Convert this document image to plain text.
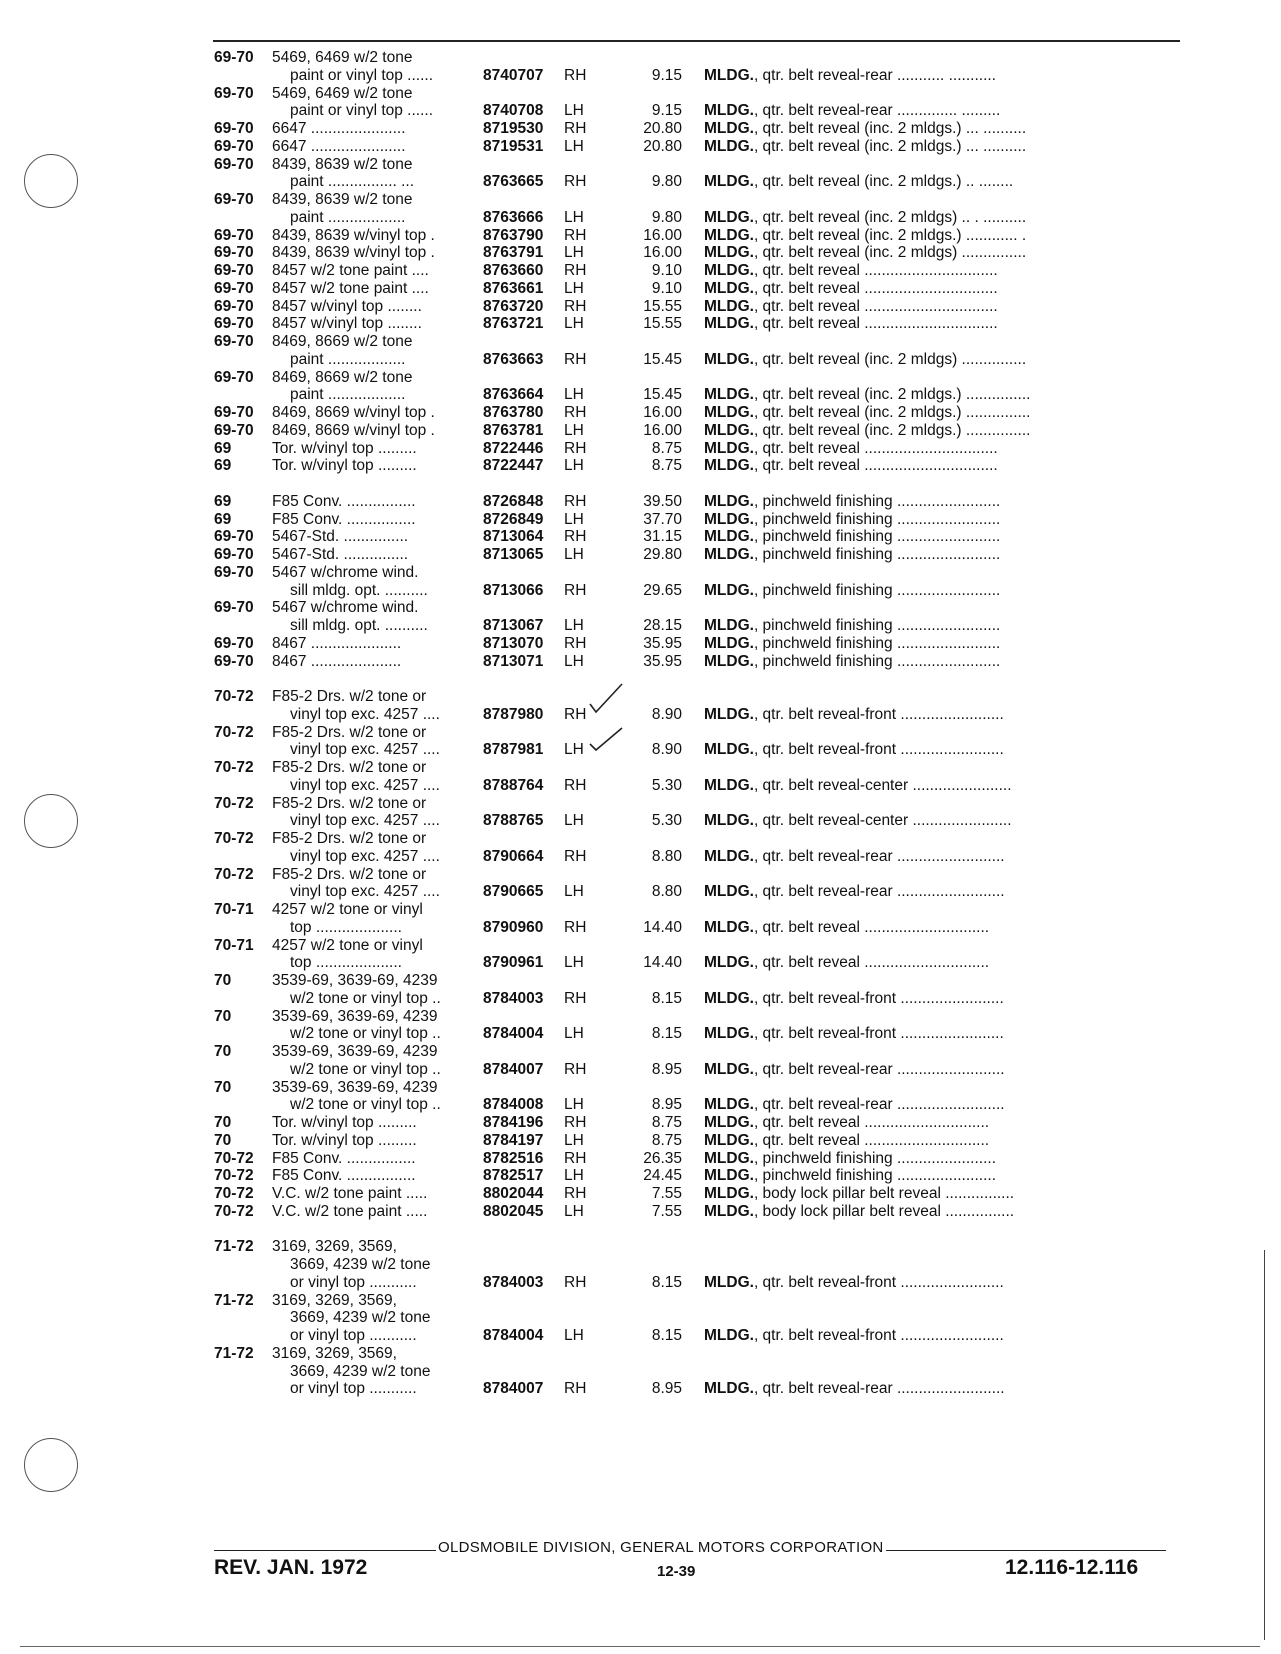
69-70 5469, 6469 w/2 tone
paint or vinyl top ......	8740707 RH	9.15 MLDG., qtr. belt reveal-rear ........... ...........
69-70 5469, 6469 w/2 tone
paint or vinyl top ......	8740708 LH	9.15 MLDG., qtr. belt reveal-rear .............. .........
69-70 6647 ......................	8719530 RH	20.80 MLDG., qtr. belt reveal (inc. 2 mldgs.) ... ..........
69-70 6647 ......................	8719531 LH	20.80 MLDG., qtr. belt reveal (inc. 2 mldgs.) ... ..........
69-70 8439, 8639 w/2 tone
paint ................ ...	8763665 RH	9.80 MLDG., qtr. belt reveal (inc. 2 mldgs.) .. ........
69-70 8439, 8639 w/2 tone
paint ..................	8763666 LH	9.80 MLDG., qtr. belt reveal (inc. 2 mldgs) .. . ..........
69-70 8439, 8639 w/vinyl top .	8763790 RH	16.00 MLDG., qtr. belt reveal (inc. 2 mldgs.) ............ .
69-70 8439, 8639 w/vinyl top .	8763791 LH	16.00 MLDG., qtr. belt reveal (inc. 2 mldgs) ...............
69-70 8457 w/2 tone paint ....	8763660 RH	9.10 MLDG., qtr. belt reveal ...............................
69-70 8457 w/2 tone paint ....	8763661 LH	9.10 MLDG., qtr. belt reveal ...............................
69-70 8457 w/vinyl top ........	8763720 RH	15.55 MLDG., qtr. belt reveal ...............................
69-70 8457 w/vinyl top ........	8763721 LH	15.55 MLDG., qtr. belt reveal ...............................
69-70 8469, 8669 w/2 tone
paint ..................	8763663 RH	15.45 MLDG., qtr. belt reveal (inc. 2 mldgs) ...............
69-70 8469, 8669 w/2 tone
paint ..................	8763664 LH	15.45 MLDG., qtr. belt reveal (inc. 2 mldgs.) ...............
69-70 8469, 8669 w/vinyl top .	8763780 RH	16.00 MLDG., qtr. belt reveal (inc. 2 mldgs.) ...............
69-70 8469, 8669 w/vinyl top .	8763781 LH	16.00 MLDG., qtr. belt reveal (inc. 2 mldgs.) ...............
69	Tor. w/vinyl top .........	8722446 RH	8.75 MLDG., qtr. belt reveal ...............................
69	Tor. w/vinyl top .........	8722447 LH	8.75 MLDG., qtr. belt reveal ...............................
69	F85 Conv. ................	8726848 RH	39.50 MLDG., pinchweld finishing ........................
69	F85 Conv. ................	8726849 LH	37.70 MLDG., pinchweld finishing ........................
69-70 5467-Std. ...............	8713064 RH	31.15 MLDG., pinchweld finishing ........................
69-70 5467-Std. ...............	8713065 LH	29.80 MLDG., pinchweld finishing ........................
69-70 5467 w/chrome wind.
sill mldg. opt. ..........	8713066 RH	29.65 MLDG., pinchweld finishing ........................
69-70 5467 w/chrome wind.
sill mldg. opt. ..........	8713067 LH	28.15 MLDG., pinchweld finishing ........................
69-70 8467 .....................	8713070 RH	35.95 MLDG., pinchweld finishing ........................
69-70 8467 .....................	8713071 LH	35.95 MLDG., pinchweld finishing ........................
70-72 F85-2 Drs. w/2 tone or
vinyl top exc. 4257 ....	8787980 RH	8.90 MLDG., qtr. belt reveal-front ........................
70-72 F85-2 Drs. w/2 tone or
vinyl top exc. 4257 ....	8787981 LH	8.90 MLDG., qtr. belt reveal-front ........................
70-72 F85-2 Drs. w/2 tone or
vinyl top exc. 4257 ....	8788764 RH	5.30 MLDG., qtr. belt reveal-center .......................
70-72 F85-2 Drs. w/2 tone or
vinyl top exc. 4257 ....	8788765 LH	5.30 MLDG., qtr. belt reveal-center .......................
70-72 F85-2 Drs. w/2 tone or
vinyl top exc. 4257 ....	8790664 RH	8.80 MLDG., qtr. belt reveal-rear .........................
70-72 F85-2 Drs. w/2 tone or
vinyl top exc. 4257 ....	8790665 LH	8.80 MLDG., qtr. belt reveal-rear .........................
70-71 4257 w/2 tone or vinyl
top ....................	8790960 RH	14.40 MLDG., qtr. belt reveal .............................
70-71 4257 w/2 tone or vinyl
top ....................	8790961 LH	14.40 MLDG., qtr. belt reveal .............................
70	3539-69, 3639-69, 4239
w/2 tone or vinyl top ..	8784003 RH	8.15 MLDG., qtr. belt reveal-front ........................
70	3539-69, 3639-69, 4239
w/2 tone or vinyl top ..	8784004 LH	8.15 MLDG., qtr. belt reveal-front ........................
70	3539-69, 3639-69, 4239
w/2 tone or vinyl top ..	8784007 RH	8.95 MLDG., qtr. belt reveal-rear .........................
70	3539-69, 3639-69, 4239
w/2 tone or vinyl top ..	8784008 LH	8.95 MLDG., qtr. belt reveal-rear .........................
70	Tor. w/vinyl top .........	8784196 RH	8.75 MLDG., qtr. belt reveal .............................
70	Tor. w/vinyl top .........	8784197 LH	8.75 MLDG., qtr. belt reveal .............................
70-72 F85 Conv. ................	8782516 RH	26.35 MLDG., pinchweld finishing .......................
70-72 F85 Conv. ................	8782517 LH	24.45 MLDG., pinchweld finishing .......................
70-72 V.C. w/2 tone paint .....	8802044 RH	7.55 MLDG., body lock pillar belt reveal ................
70-72 V.C. w/2 tone paint .....	8802045 LH	7.55 MLDG., body lock pillar belt reveal ................
71-72 3169, 3269, 3569,
3669, 4239 w/2 tone
or vinyl top ...........	8784003 RH	8.15 MLDG., qtr. belt reveal-front ........................
71-72 3169, 3269, 3569,
3669, 4239 w/2 tone
or vinyl top ...........	8784004 LH	8.15 MLDG., qtr. belt reveal-front ........................
71-72 3169, 3269, 3569,
3669, 4239 w/2 tone
or vinyl top ...........	8784007 RH	8.95 MLDG., qtr. belt reveal-rear .........................
OLDSMOBILE DIVISION, GENERAL MOTORS CORPORATION
REV. JAN. 1972	12-39	12.116-12.116
